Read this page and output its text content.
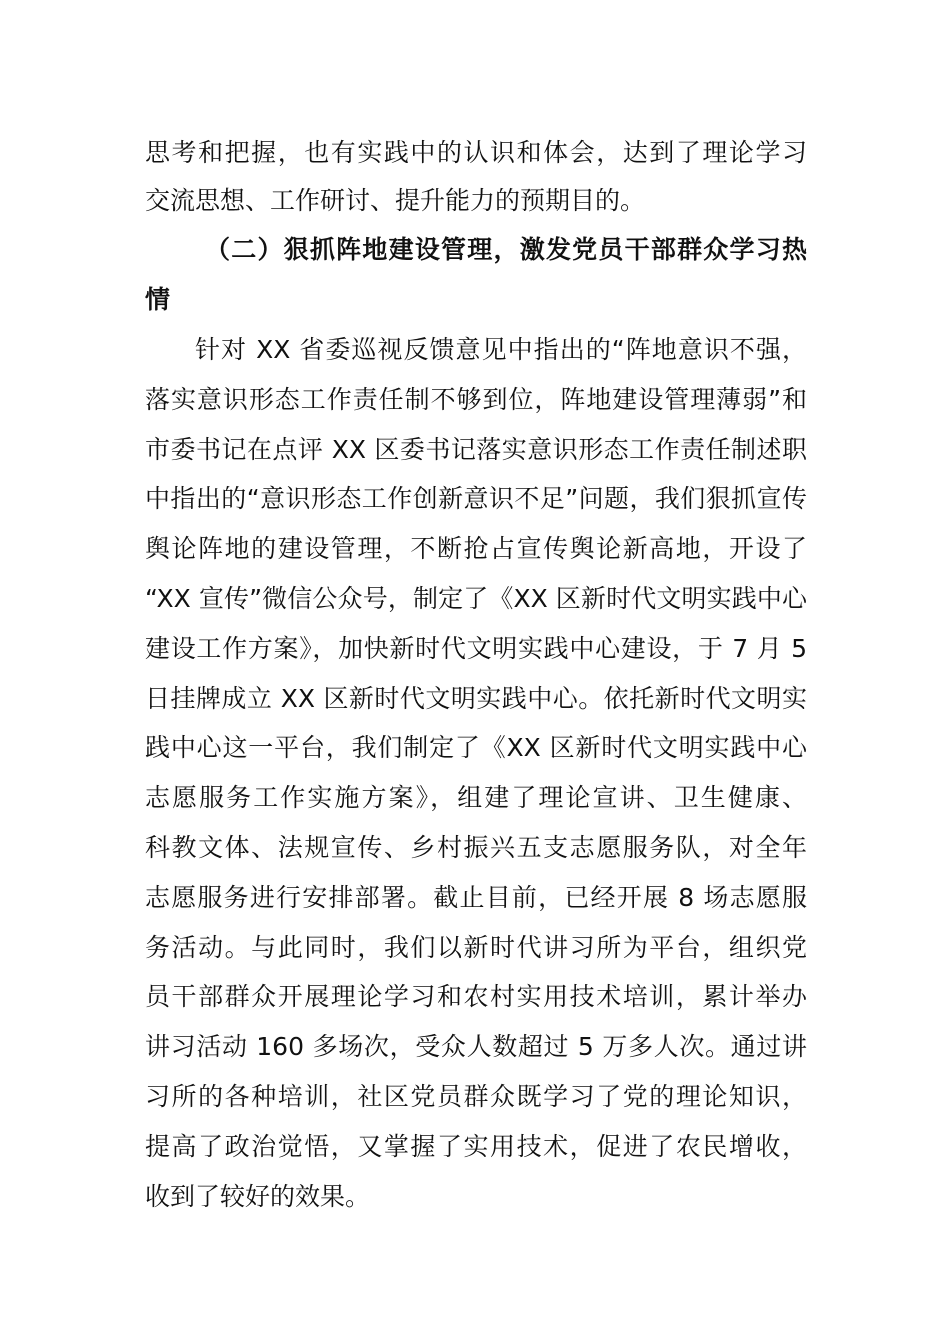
思考和把握，也有实践中的认识和体会，达到了理论学习
交流思想、工作研讨、提升能力的预期目的。
（二）狠抓阵地建设管理，激发党员干部群众学习热
情
针对 XX 省委巡视反馈意见中指出的“阵地意识不强，
落实意识形态工作责任制不够到位，阵地建设管理薄弱”和
市委书记在点评 XX 区委书记落实意识形态工作责任制述职
中指出的“意识形态工作创新意识不足”问题，我们狠抓宣传
舆论阵地的建设管理，不断抢占宣传舆论新高地，开设了
“XX 宣传”微信公众号，制定了《XX 区新时代文明实践中心
建设工作方案》，加快新时代文明实践中心建设，于 7 月 5
日挂牌成立 XX 区新时代文明实践中心。依托新时代文明实
践中心这一平台，我们制定了《XX 区新时代文明实践中心
志愿服务工作实施方案》，组建了理论宣讲、卫生健康、
科教文体、法规宣传、乡村振兴五支志愿服务队，对全年
志愿服务进行安排部署。截止目前，已经开展 8 场志愿服
务活动。与此同时，我们以新时代讲习所为平台，组织党
员干部群众开展理论学习和农村实用技术培训，累计举办
讲习活动 160 多场次，受众人数超过 5 万多人次。通过讲
习所的各种培训，社区党员群众既学习了党的理论知识，
提高了政治觉悟，又掌握了实用技术，促进了农民增收，
收到了较好的效果。
